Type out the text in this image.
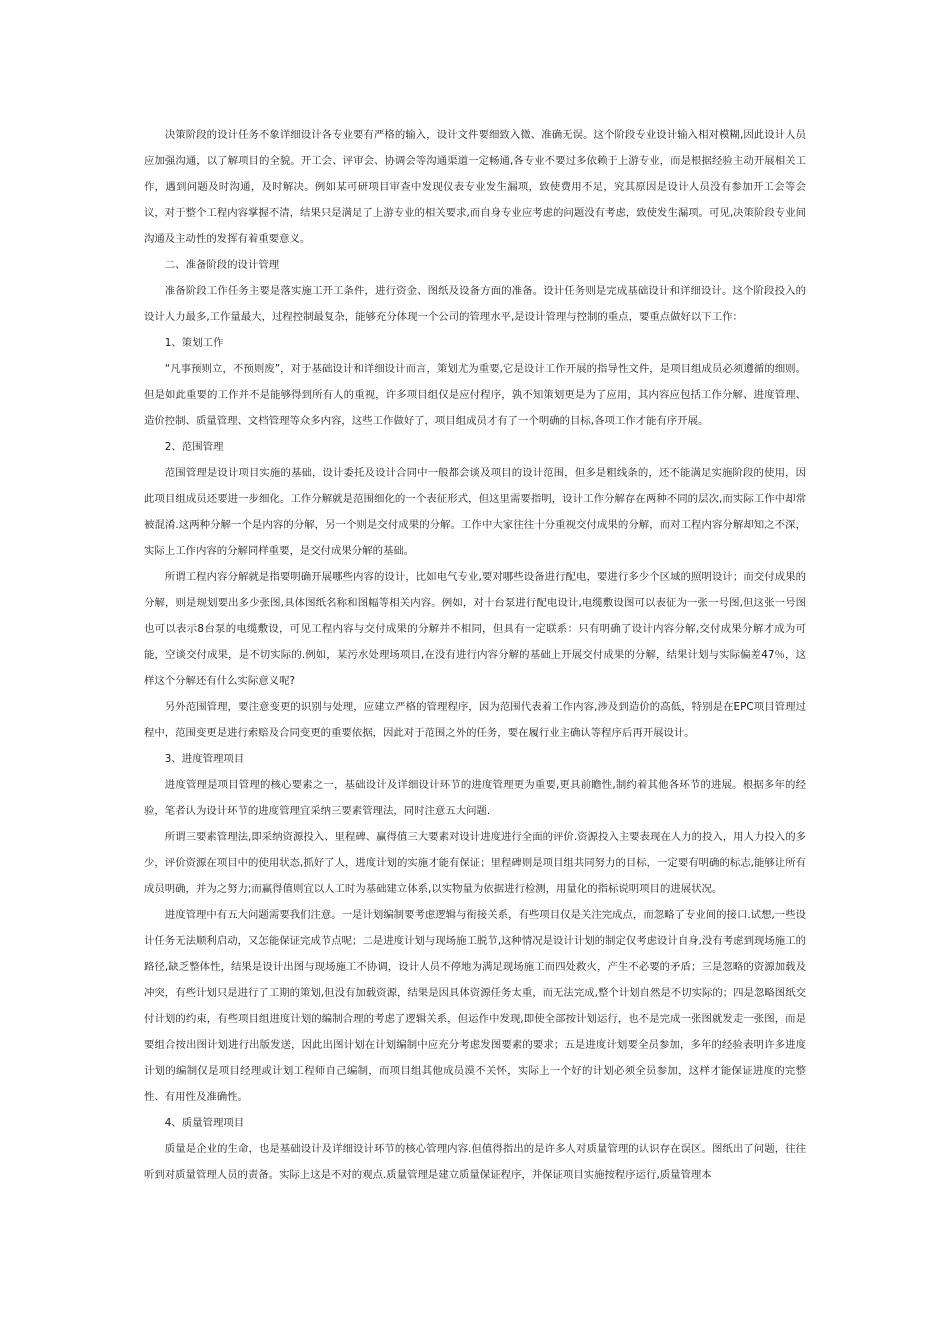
决策阶段的设计任务不象详细设计各专业要有严格的输入，设计文件要细致入微、准确无误。这个阶段专业设计输入相对模糊,因此设计人员应加强沟通，以了解项目的全貌。开工会、评审会、协调会等沟通渠道一定畅通,各专业不要过多依赖于上游专业，而是根据经验主动开展相关工作，遇到问题及时沟通，及时解决。例如某可研项目审查中发现仪表专业发生漏项，致使费用不足，究其原因是设计人员没有参加开工会等会议，对于整个工程内容掌握不清，结果只是满足了上游专业的相关要求,而自身专业应考虑的问题没有考虑，致使发生漏项。可见,决策阶段专业间沟通及主动性的发挥有着重要意义。

二、准备阶段的设计管理

准备阶段工作任务主要是落实施工开工条件，进行资金、图纸及设备方面的准备。设计任务则是完成基础设计和详细设计。这个阶段投入的设计人力最多,工作量最大，过程控制最复杂，能够充分体现一个公司的管理水平,是设计管理与控制的重点，要重点做好以下工作：

1、策划工作

“凡事预则立，不预则废”，对于基础设计和详细设计而言，策划尤为重要,它是设计工作开展的指导性文件，是项目组成员必须遵循的细则。但是如此重要的工作并不是能够得到所有人的重视，许多项目组仅是应付程序，孰不知策划更是为了应用，其内容应包括工作分解、进度管理、造价控制、质量管理、文档管理等众多内容，这些工作做好了，项目组成员才有了一个明确的目标,各项工作才能有序开展。

2、范围管理

范围管理是设计项目实施的基础，设计委托及设计合同中一般都会谈及项目的设计范围，但多是粗线条的，还不能满足实施阶段的使用，因此项目组成员还要进一步细化。工作分解就是范围细化的一个表征形式，但这里需要指明，设计工作分解存在两种不同的层次,而实际工作中却常被混淆.这两种分解一个是内容的分解，另一个则是交付成果的分解。工作中大家往往十分重视交付成果的分解，而对工程内容分解却知之不深，实际上工作内容的分解同样重要，是交付成果分解的基础。

所谓工程内容分解就是指要明确开展哪些内容的设计，比如电气专业,要对哪些设备进行配电，要进行多少个区域的照明设计；而交付成果的分解，则是规划要出多少张图,具体图纸名称和图幅等相关内容。例如，对十台泵进行配电设计,电缆敷设图可以表征为一张一号图,但这张一号图也可以表示8台泵的电缆敷设，可见工程内容与交付成果的分解并不相同，但具有一定联系：只有明确了设计内容分解,交付成果分解才成为可能，空谈交付成果，是不切实际的.例如，某污水处理场项目,在没有进行内容分解的基础上开展交付成果的分解，结果计划与实际偏差47％，这样这个分解还有什么实际意义呢?

另外范围管理，要注意变更的识别与处理，应建立严格的管理程序，因为范围代表着工作内容,涉及到造价的高低，特别是在EPC项目管理过程中，范围变更是进行索赔及合同变更的重要依据，因此对于范围之外的任务，要在履行业主确认等程序后再开展设计。

3、进度管理项目

进度管理是项目管理的核心要素之一，基础设计及详细设计环节的进度管理更为重要,更具前瞻性,制约着其他各环节的进展。根据多年的经验，笔者认为设计环节的进度管理宜采纳三要素管理法，同时注意五大问题.

所谓三要素管理法,即采纳资源投入、里程碑、赢得值三大要素对设计进度进行全面的评价.资源投入主要表现在人力的投入，用人力投入的多少，评价资源在项目中的使用状态,抓好了人，进度计划的实施才能有保证；里程碑则是项目组共同努力的目标，一定要有明确的标志,能够让所有成员明确，并为之努力;而赢得值则宜以人工时为基础建立体系,以实物量为依据进行检测，用量化的指标说明项目的进展状况。

进度管理中有五大问题需要我们注意。一是计划编制要考虑逻辑与衔接关系，有些项目仅是关注完成点，而忽略了专业间的接口.试想,一些设计任务无法顺利启动，又怎能保证完成节点呢；二是进度计划与现场施工脱节,这种情况是设计计划的制定仅考虑设计自身,没有考虑到现场施工的路径,缺乏整体性，结果是设计出图与现场施工不协调，设计人员不停地为满足现场施工而四处救火，产生不必要的矛盾；三是忽略的资源加载及冲突，有些计划只是进行了工期的策划,但没有加载资源，结果是因具体资源任务太重，而无法完成,整个计划自然是不切实际的；四是忽略图纸交付计划的约束，有些项目组进度计划的编制合理的考虑了逻辑关系，但运作中发现,即使全部按计划运行，也不是完成一张图就发走一张图，而是要组合按出图计划进行出版发送，因此出图计划在计划编制中应充分考虑发图要素的要求；五是进度计划要全员参加，多年的经验表明许多进度计划的编制仅是项目经理或计划工程师自己编制，而项目组其他成员漠不关怀，实际上一个好的计划必须全员参加，这样才能保证进度的完整性、有用性及准确性。

4、质量管理项目

质量是企业的生命，也是基础设计及详细设计环节的核心管理内容.但值得指出的是许多人对质量管理的认识存在误区。图纸出了问题，往往听到对质量管理人员的责备。实际上这是不对的观点.质量管理是建立质量保证程序，并保证项目实施按程序运行,质量管理本
